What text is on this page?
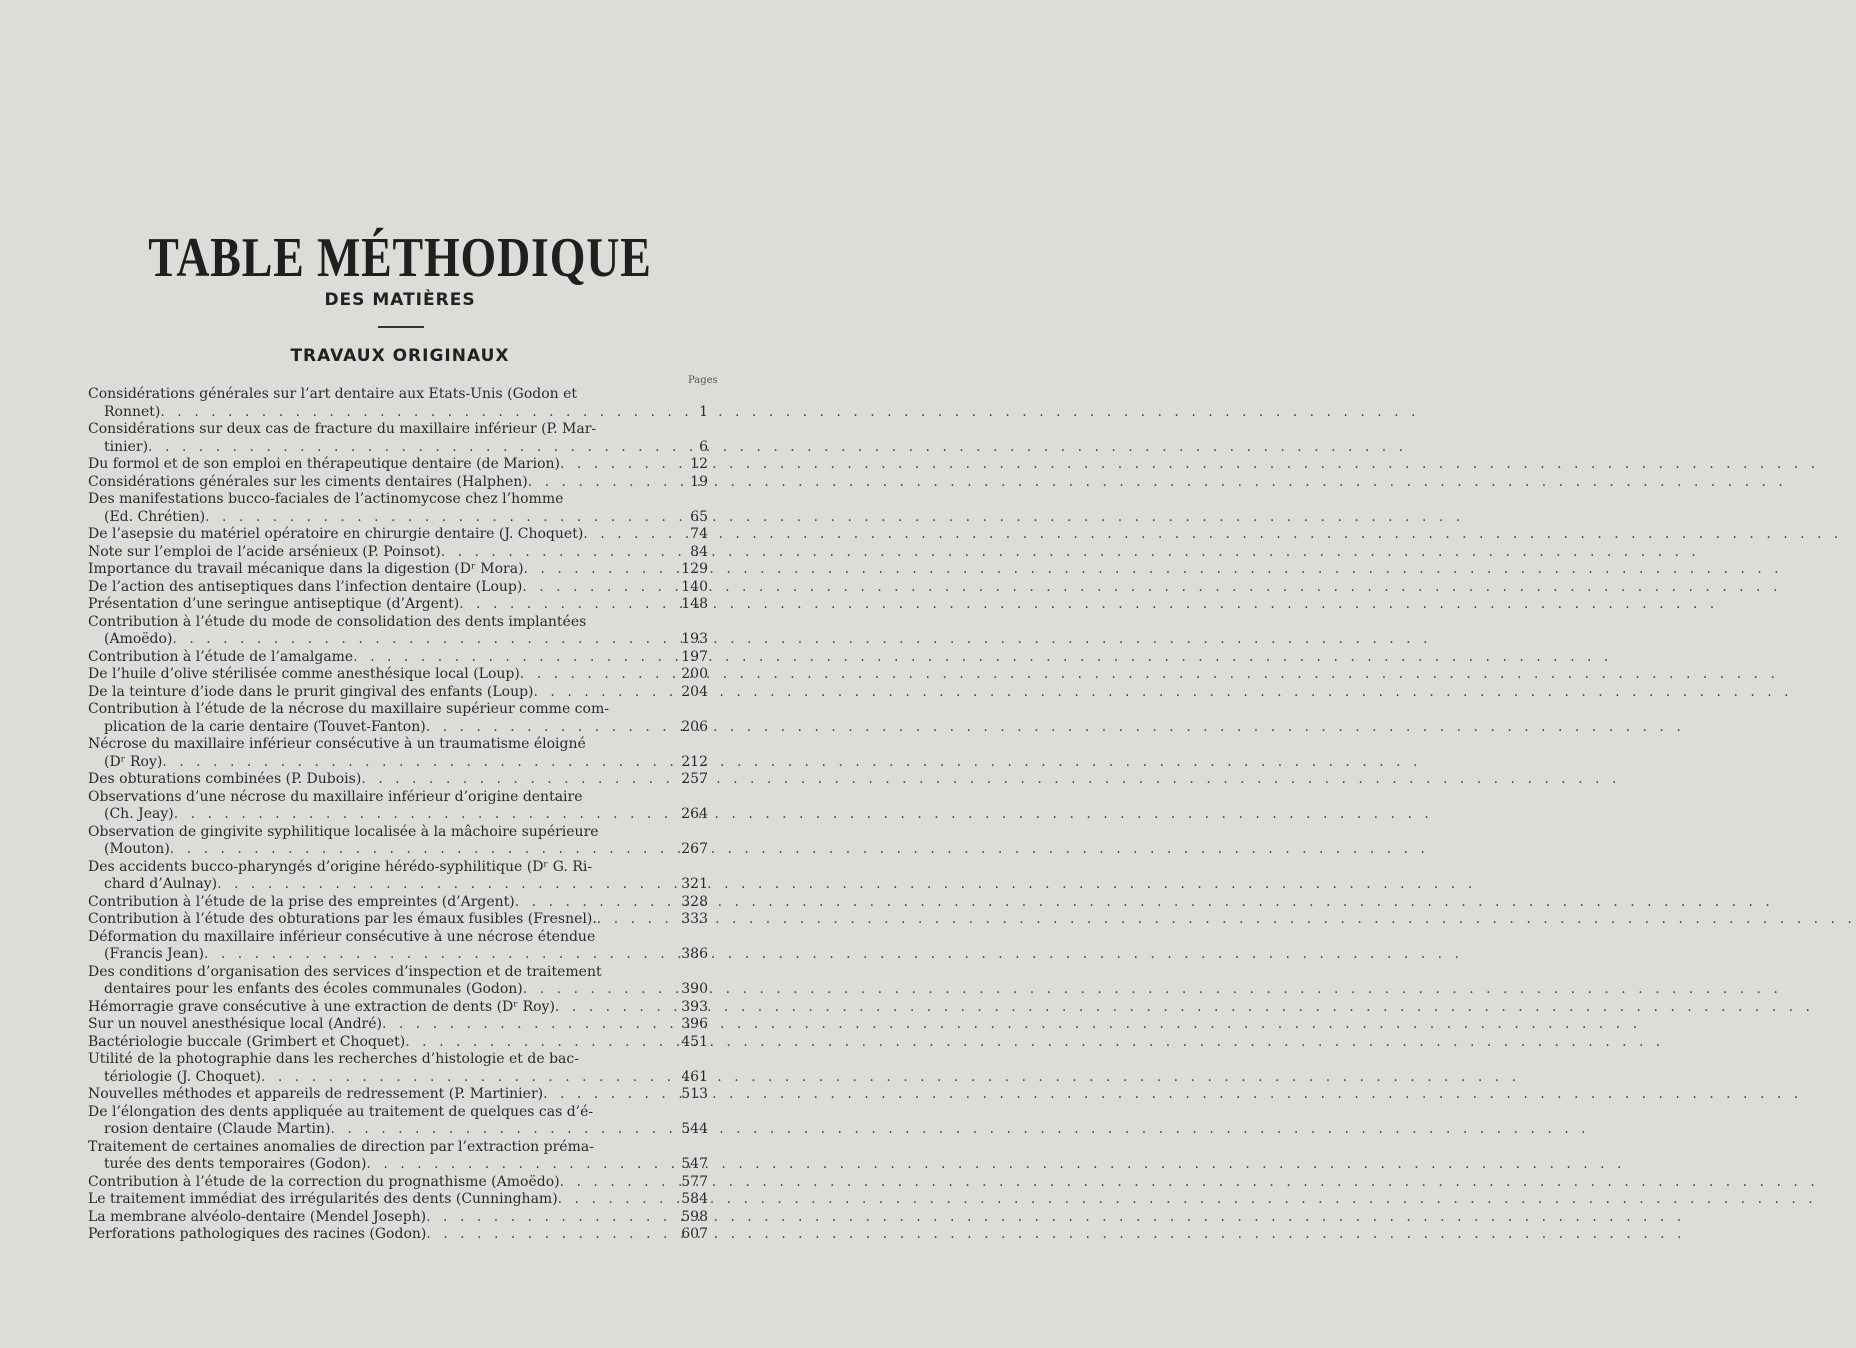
TABLE MÉTHODIQUE
DES MATIÈRES
TRAVAUX ORIGINAUX
Pages
Considérations générales sur l’art dentaire aux Etats-Unis (Godon et
Ronnet) . . .	1
Considérations sur deux cas de fracture du maxillaire inférieur (P. Mar-
tinier) . . .	6
Du formol et de son emploi en thérapeutique dentaire (de Marion) . . .	12
Considérations générales sur les ciments dentaires (Halphen) . . .	19
Des manifestations bucco-faciales de l’actinomycose chez l’homme
(Ed. Chrétien) . . .	65
De l’asepsie du matériel opératoire en chirurgie dentaire (J. Choquet) . . .	74
Note sur l’emploi de l’acide arsénieux (P. Poinsot) . . .	84
Importance du travail mécanique dans la digestion (Dʳ Mora) . . .	129
De l’action des antiseptiques dans l’infection dentaire (Loup) . . .	140
Présentation d’une seringue antiseptique (d’Argent) . . .	148
Contribution à l’étude du mode de consolidation des dents implantées
(Amoëdo) . . .	193
Contribution à l’étude de l’amalgame . . .	197
De l’huile d’olive stérilisée comme anesthésique local (Loup) . . .	200
De la teinture d’iode dans le prurit gingival des enfants (Loup) . . .	204
Contribution à l’étude de la nécrose du maxillaire supérieur comme com-
plication de la carie dentaire (Touvet-Fanton) . . .	206
Nécrose du maxillaire inférieur consécutive à un traumatisme éloigné
(Dʳ Roy) . . .	212
Des obturations combinées (P. Dubois) . . .	257
Observations d’une nécrose du maxillaire inférieur d’origine dentaire
(Ch. Jeay) . . .	264
Observation de gingivite syphilitique localisée à la mâchoire supérieure
(Mouton) . . .	267
Des accidents bucco-pharyngés d’origine hérédo-syphilitique (Dʳ G. Ri-
chard d’Aulnay) . . .	321
Contribution à l’étude de la prise des empreintes (d’Argent) . . .	328
Contribution à l’étude des obturations par les émaux fusibles (Fresnel). . . .	333
Déformation du maxillaire inférieur consécutive à une nécrose étendue
(Francis Jean) . . .	386
Des conditions d’organisation des services d’inspection et de traitement
dentaires pour les enfants des écoles communales (Godon) . . .	390
Hémorragie grave consécutive à une extraction de dents (Dʳ Roy) . . .	393
Sur un nouvel anesthésique local (André) . . .	396
Bactériologie buccale (Grimbert et Choquet) . . .	451
Utilité de la photographie dans les recherches d’histologie et de bac-
tériologie (J. Choquet) . . .	461
Nouvelles méthodes et appareils de redressement (P. Martinier) . . .	513
De l’élongation des dents appliquée au traitement de quelques cas d’é-
rosion dentaire (Claude Martin) . . .	544
Traitement de certaines anomalies de direction par l’extraction préma-
turée des dents temporaires (Godon) . . .	547
Contribution à l’étude de la correction du prognathisme (Amoëdo) . . .	577
Le traitement immédiat des irrégularités des dents (Cunningham) . . .	584
La membrane alvéolo-dentaire (Mendel Joseph) . . .	598
Perforations pathologiques des racines (Godon) . . .	607
